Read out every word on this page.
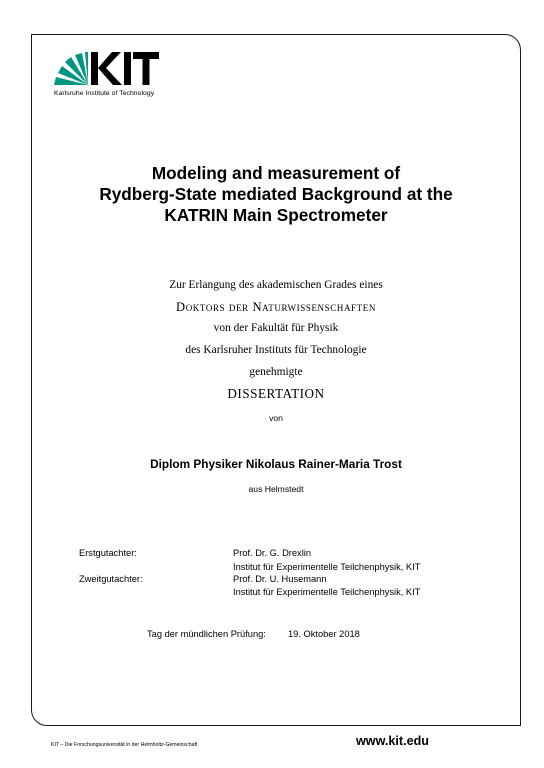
Karlsruhe Institute of Technology
Modeling and measurement of
Rydberg-State mediated Background at the
KATRIN Main Spectrometer
Zur Erlangung des akademischen Grades eines
Doktors der Naturwissenschaften
von der Fakultät für Physik
des Karlsruher Instituts für Technologie
genehmigte
DISSERTATION
von
Diplom Physiker Nikolaus Rainer-Maria Trost
aus Helmstedt
Erstgutachter:	Prof. Dr. G. Drexlin
Institut für Experimentelle Teilchenphysik, KIT
Zweitgutachter:	Prof. Dr. U. Husemann
Institut für Experimentelle Teilchenphysik, KIT
Tag der mündlichen Prüfung: 19. Oktober 2018
KIT – Die Forschungsuniversität in der Helmholtz-Gemeinschaft	www.kit.edu
